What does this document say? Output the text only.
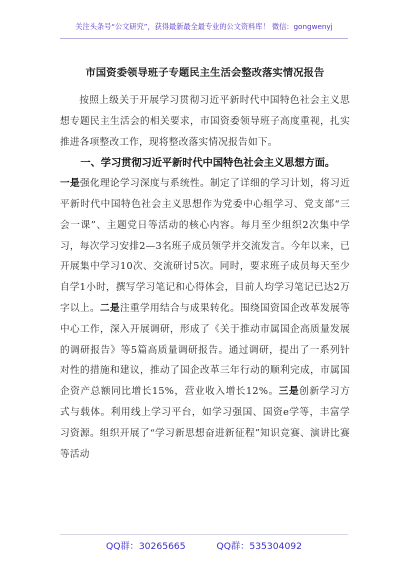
关注头条号“公文研究”，获得最新最全最专业的公文资料库！ 微信：gongwenyj
市国资委领导班子专题民主生活会整改落实情况报告

按照上级关于开展学习贯彻习近平新时代中国特色社会主义思想专题民主生活会的相关要求，市国资委领导班子高度重视，扎实推进各项整改工作，现将整改落实情况报告如下。

一、学习贯彻习近平新时代中国特色社会主义思想方面。

一是强化理论学习深度与系统性。制定了详细的学习计划，将习近平新时代中国特色社会主义思想作为党委中心组学习、党支部“三会一课”、主题党日等活动的核心内容。每月至少组织2次集中学习，每次学习安排2—3名班子成员领学并交流发言。今年以来，已开展集中学习10次、交流研讨5次。同时，要求班子成员每天至少自学1小时，撰写学习笔记和心得体会，目前人均学习笔记已达2万字以上。二是注重学用结合与成果转化。围绕国资国企改革发展等中心工作，深入开展调研，形成了《关于推动市属国企高质量发展的调研报告》等5篇高质量调研报告。通过调研，提出了一系列针对性的措施和建议，推动了国企改革三年行动的顺利完成，市属国企资产总额同比增长15%，营业收入增长12%。三是创新学习方式与载体。利用线上学习平台，如学习强国、国资e学等，丰富学习资源。组织开展了“学习新思想奋进新征程”知识竞赛、演讲比赛等活动

QQ群：30265665	QQ群：535304092
